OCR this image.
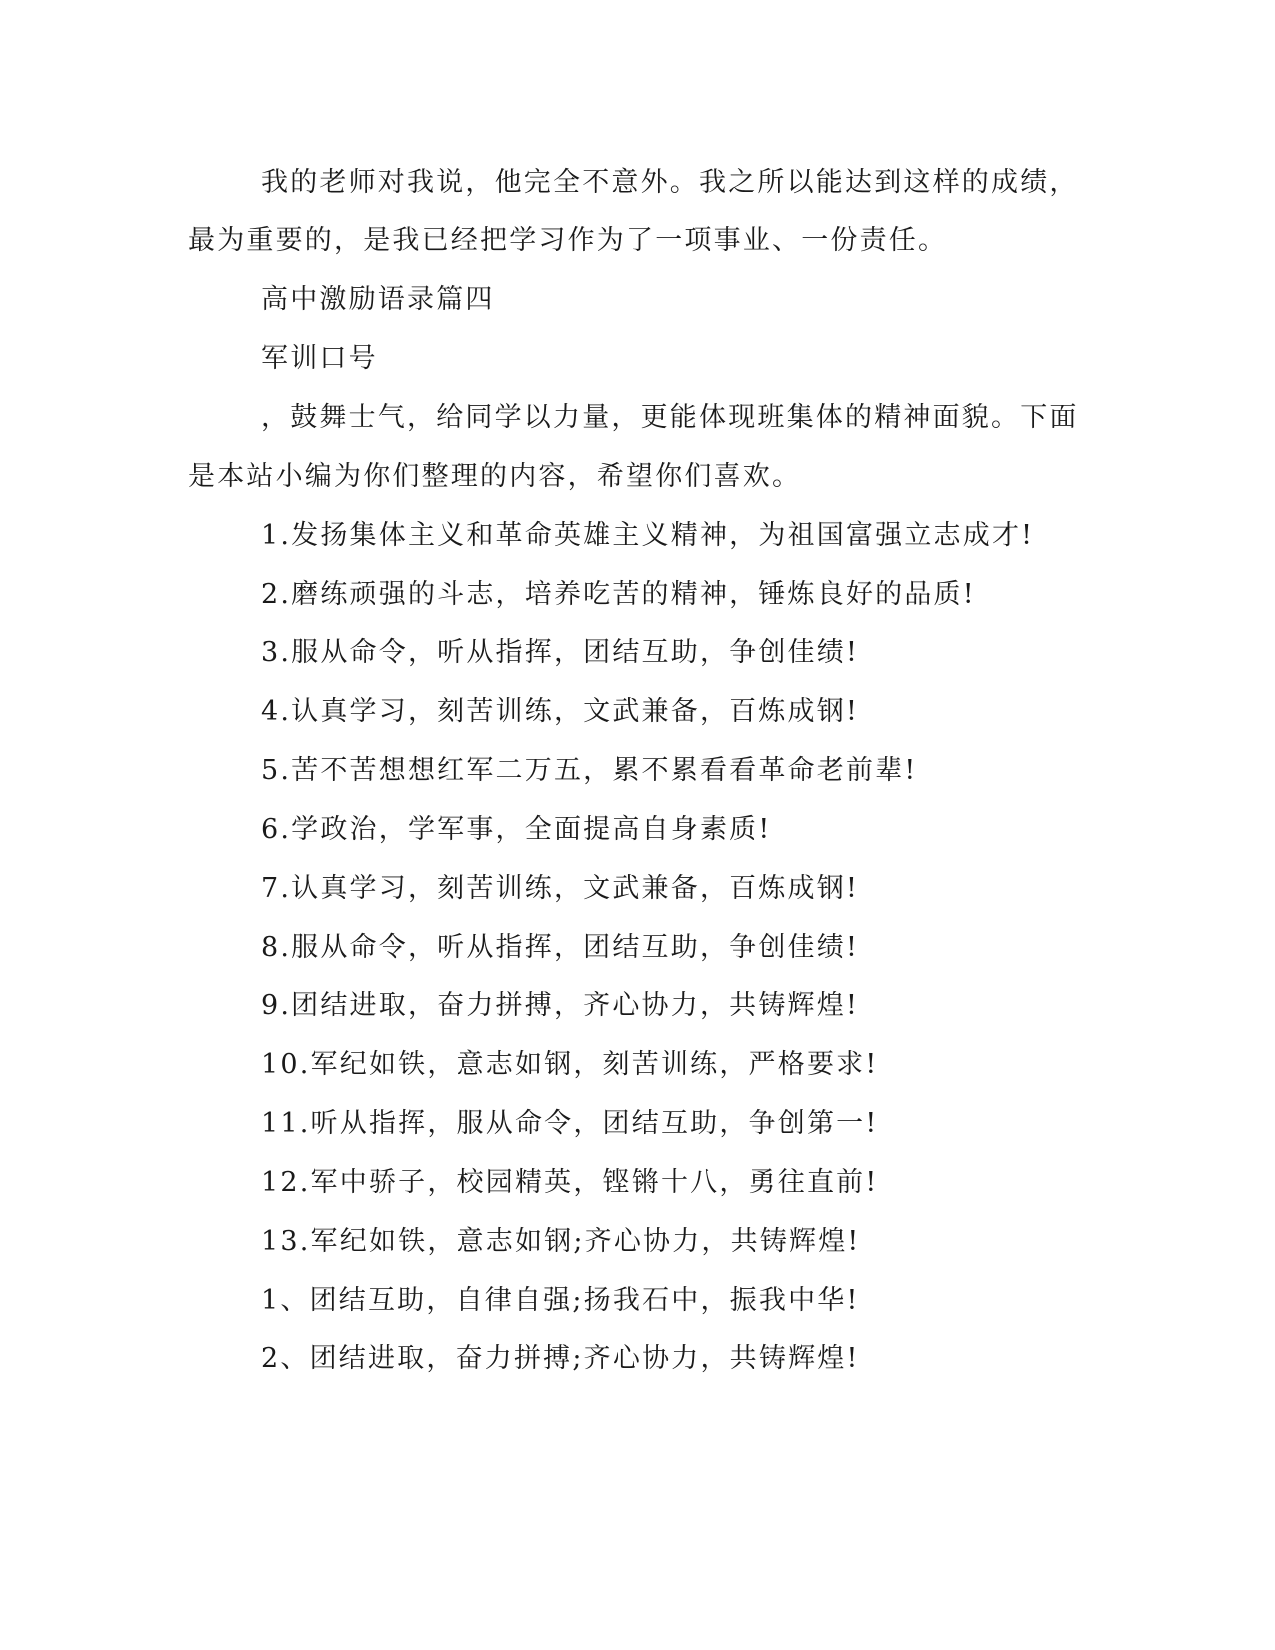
我的老师对我说，他完全不意外。我之所以能达到这样的成绩，

最为重要的，是我已经把学习作为了一项事业、一份责任。

高中激励语录篇四

军训口号

，鼓舞士气，给同学以力量，更能体现班集体的精神面貌。下面

是本站小编为你们整理的内容，希望你们喜欢。

1.发扬集体主义和革命英雄主义精神，为祖国富强立志成才!

2.磨练顽强的斗志，培养吃苦的精神，锤炼良好的品质!

3.服从命令，听从指挥，团结互助，争创佳绩!

4.认真学习，刻苦训练，文武兼备，百炼成钢!

5.苦不苦想想红军二万五，累不累看看革命老前辈!

6.学政治，学军事，全面提高自身素质!

7.认真学习，刻苦训练，文武兼备，百炼成钢!

8.服从命令，听从指挥，团结互助，争创佳绩!

9.团结进取，奋力拼搏，齐心协力，共铸辉煌!

10.军纪如铁，意志如钢，刻苦训练，严格要求!

11.听从指挥，服从命令，团结互助，争创第一!

12.军中骄子，校园精英，铿锵十八，勇往直前!

13.军纪如铁，意志如钢;齐心协力，共铸辉煌!

1、团结互助，自律自强;扬我石中，振我中华!

2、团结进取，奋力拼搏;齐心协力，共铸辉煌!
